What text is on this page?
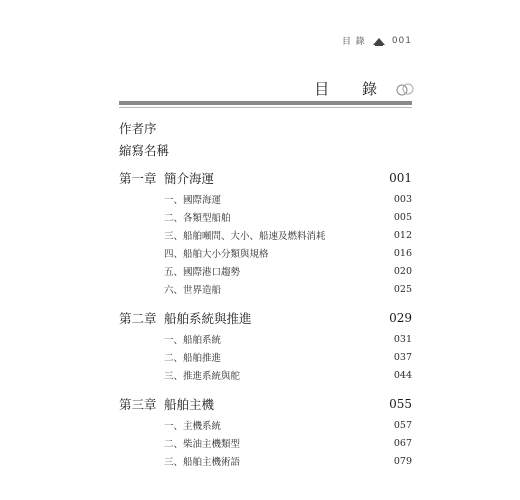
目 錄	001
目 錄
作者序
縮寫名稱
第一章 簡介海運	001
一、國際海運	003
二、各類型船舶	005
三、船舶噸問、大小、船速及燃料消耗	012
四、船舶大小分類與規格	016
五、國際港口趨勢	020
六、世界造船	025
第二章 船舶系統與推進	029
一、船舶系統	031
二、船舶推進	037
三、推進系統與舵	044
第三章 船舶主機	055
一、主機系統	057
二、柴油主機類型	067
三、船舶主機術語	079
